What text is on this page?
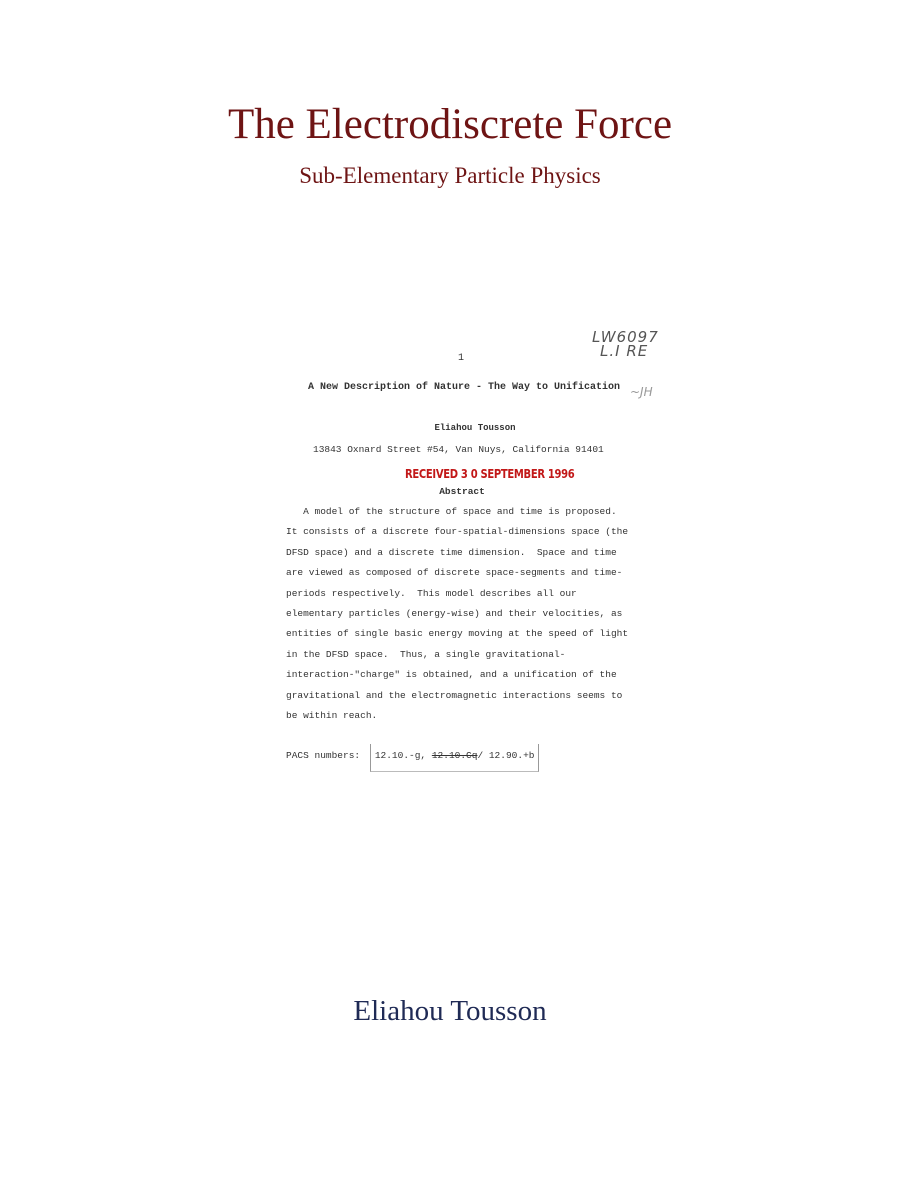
The Electrodiscrete Force
Sub-Elementary Particle Physics
LW6097
L.I RE
~JH
1
A New Description of Nature - The Way to Unification
Eliahou Tousson
13843 Oxnard Street #54, Van Nuys, California 91401
RECEIVED 3 0 SEPTEMBER 1996
Abstract
A model of the structure of space and time is proposed.
It consists of a discrete four-spatial-dimensions space (the
DFSD space) and a discrete time dimension.  Space and time
are viewed as composed of discrete space-segments and time-
periods respectively.  This model describes all our
elementary particles (energy-wise) and their velocities, as
entities of single basic energy moving at the speed of light
in the DFSD space.  Thus, a single gravitational-
interaction-"charge" is obtained, and a unification of the
gravitational and the electromagnetic interactions seems to
be within reach.
PACS numbers: 12.10.-g, 12.10.Cq/ 12.90.+b
Eliahou Tousson
